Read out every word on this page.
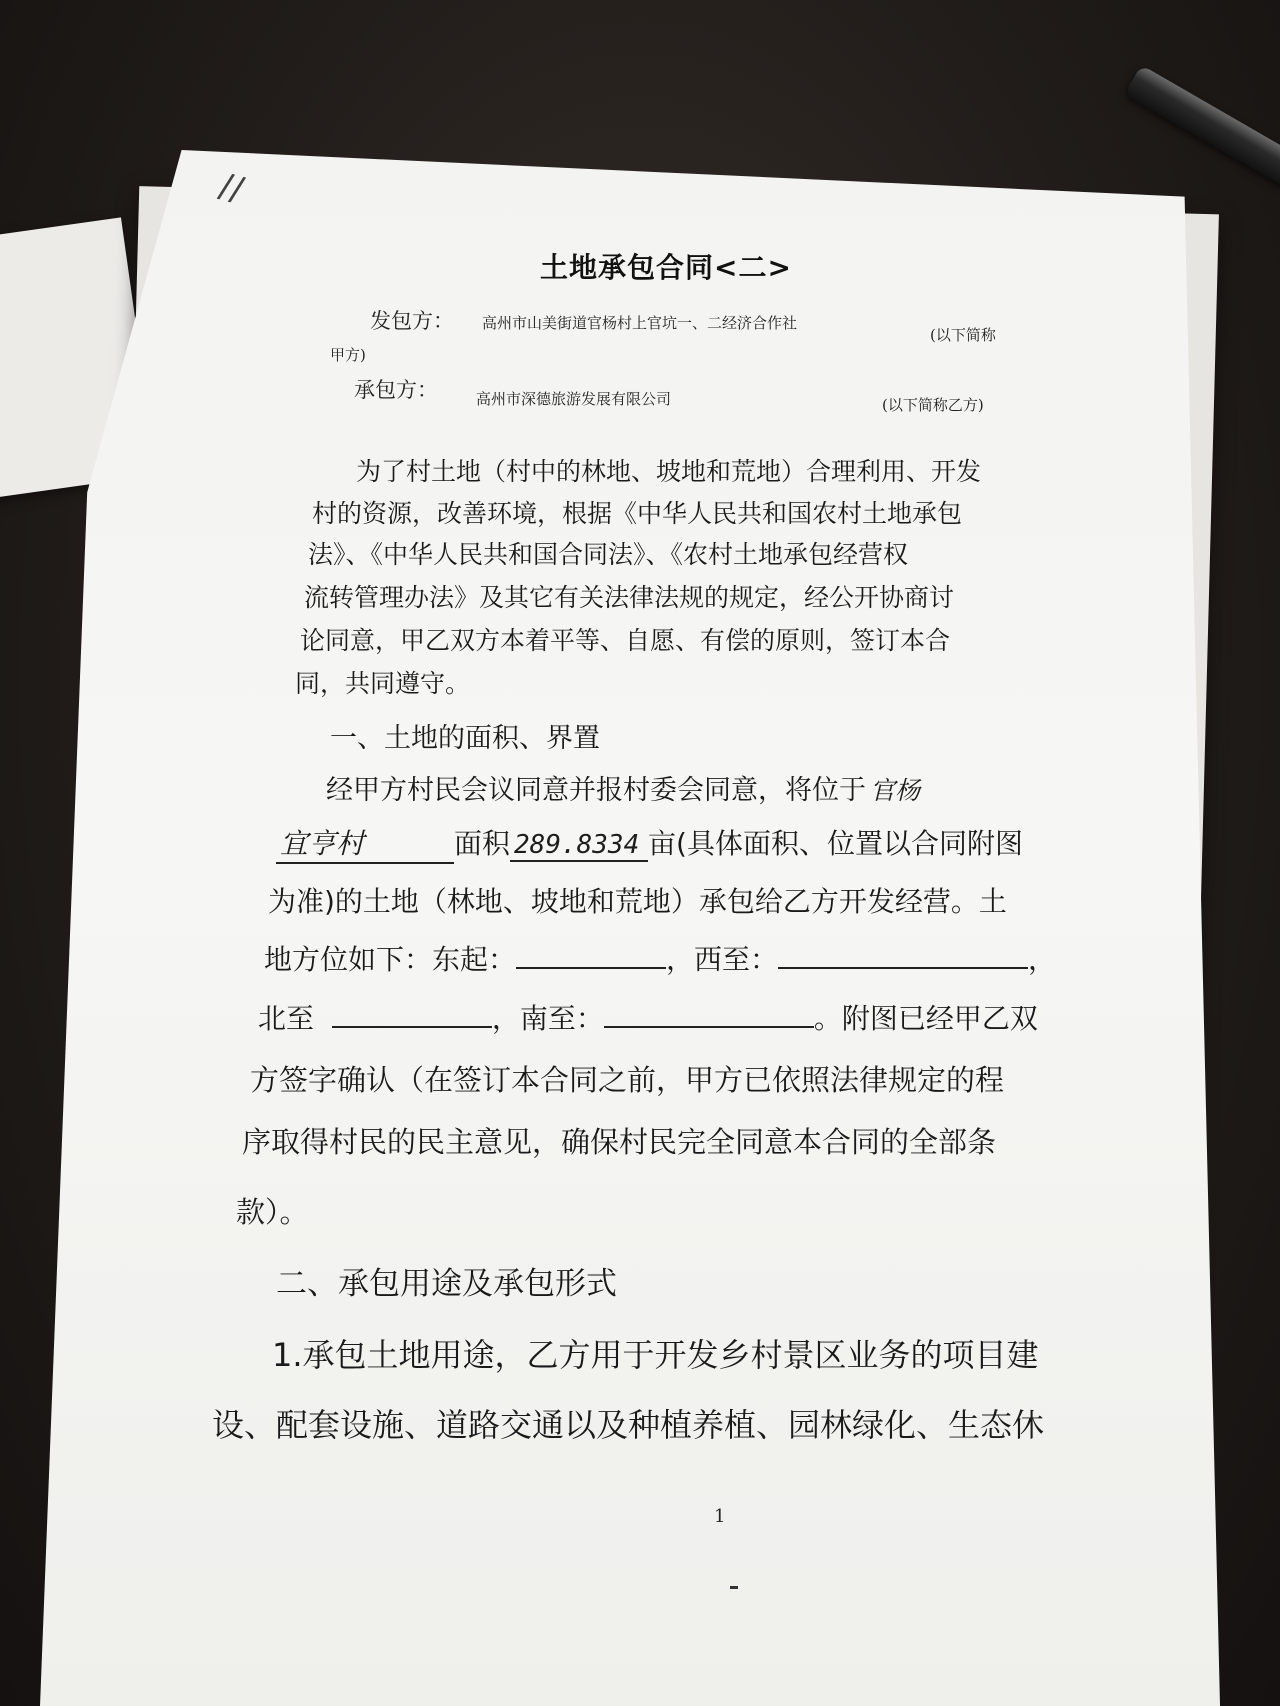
//
土地承包合同<二>
发包方： 高州市山美街道官杨村上官坑一、二经济合作社
(以下简称
甲方)
承包方：	高州市深德旅游发展有限公司	(以下简称乙方)
为了村土地（村中的林地、坡地和荒地）合理利用、开发
村的资源，改善环境，根据《中华人民共和国农村土地承包
法》、《中华人民共和国合同法》、《农村土地承包经营权
流转管理办法》及其它有关法律法规的规定，经公开协商讨
论同意，甲乙双方本着平等、自愿、有偿的原则，签订本合
同，共同遵守。
一、土地的面积、界置
经甲方村民会议同意并报村委会同意，将位于 官杨
宜亨村	面积 289.8334 亩(具体面积、位置以合同附图
为准)的土地（林地、坡地和荒地）承包给乙方开发经营。土
地方位如下：东起：	，西至：	，
北至	，南至：	。附图已经甲乙双
方签字确认（在签订本合同之前，甲方已依照法律规定的程
序取得村民的民主意见，确保村民完全同意本合同的全部条
款）。
二、承包用途及承包形式
1.承包土地用途，乙方用于开发乡村景区业务的项目建
设、配套设施、道路交通以及种植养植、园林绿化、生态休
1
